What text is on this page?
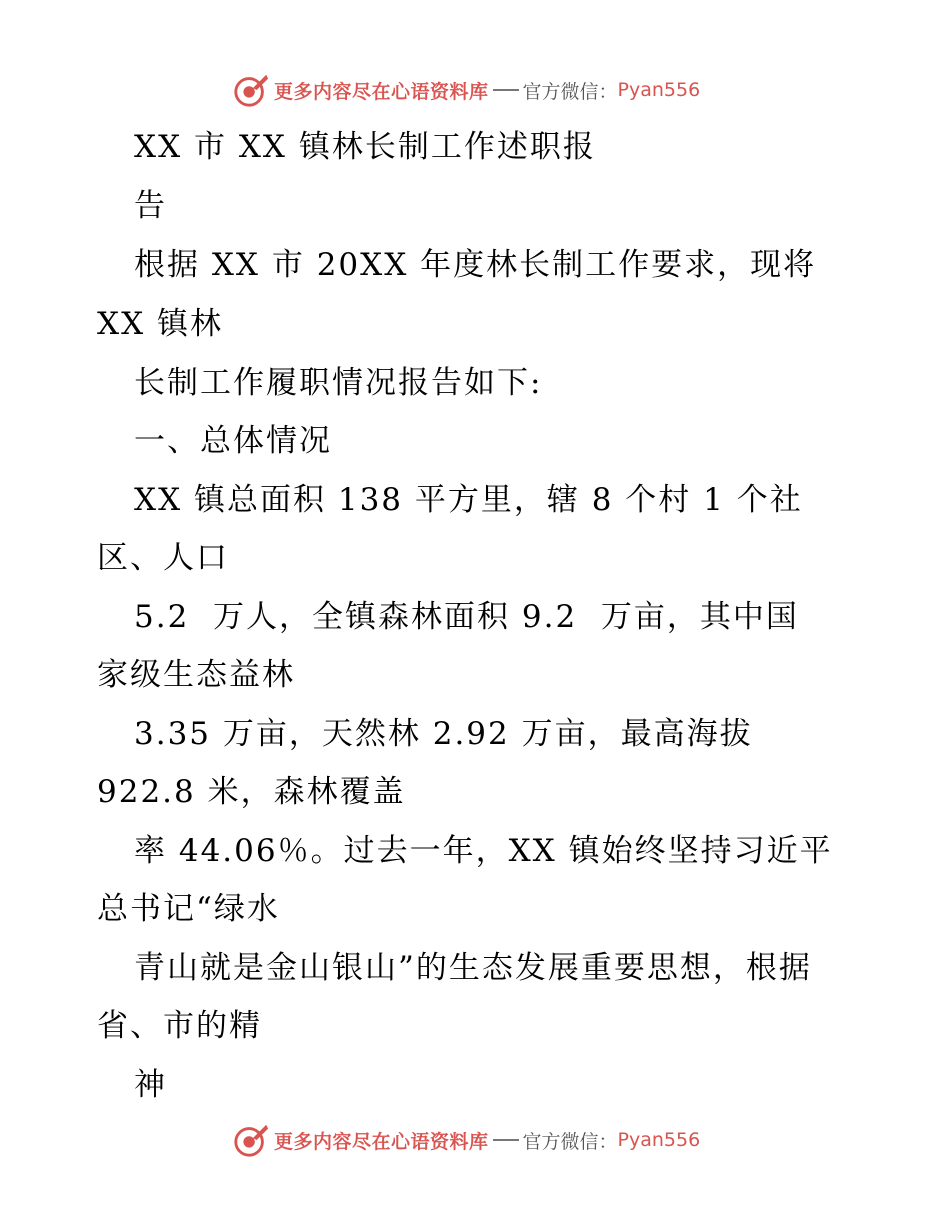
更多内容尽在心语资料库 官方微信： Pyan556
XX 市 XX 镇林长制工作述职报
告
根据 XX 市 20XX 年度林长制工作要求，现将
XX 镇林
长制工作履职情况报告如下:
一、总体情况
XX 镇总面积 138 平方里，辖 8 个村 1 个社
区、人口
5.2  万人，全镇森林面积 9.2  万亩，其中国
家级生态益林
3.35 万亩，天然林 2.92 万亩，最高海拔
922.8 米，森林覆盖
率 44.06％。过去一年，XX 镇始终坚持习近平
总书记“绿水
青山就是金山银山”的生态发展重要思想，根据
省、市的精
神
更多内容尽在心语资料库 官方微信： Pyan556
